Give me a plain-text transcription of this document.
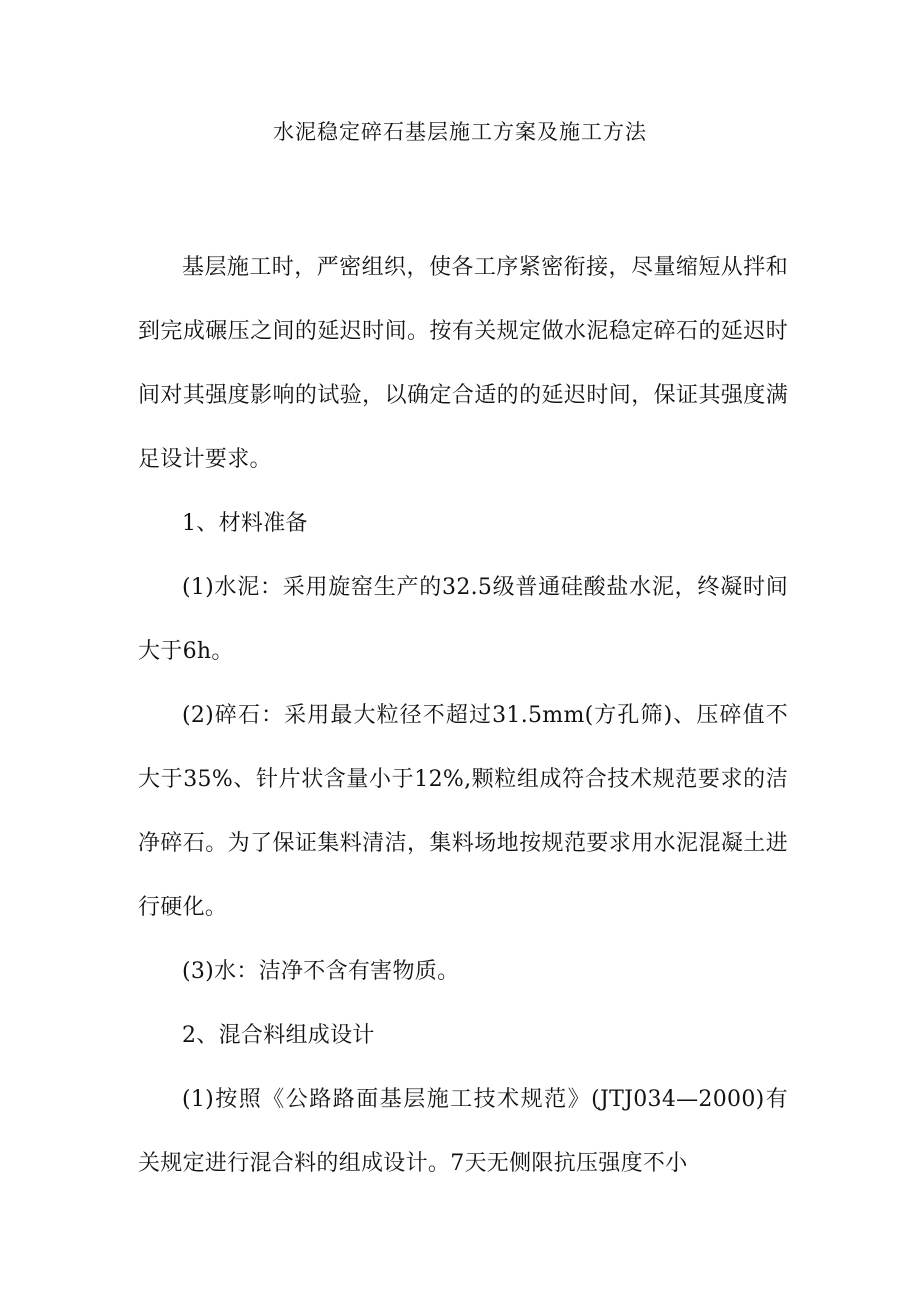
水泥稳定碎石基层施工方案及施工方法

基层施工时，严密组织，使各工序紧密衔接，尽量缩短从拌和到完成碾压之间的延迟时间。按有关规定做水泥稳定碎石的延迟时间对其强度影响的试验，以确定合适的的延迟时间，保证其强度满足设计要求。

1、材料准备

(1)水泥：采用旋窑生产的32.5级普通硅酸盐水泥，终凝时间大于6h。

(2)碎石：采用最大粒径不超过31.5mm(方孔筛)、压碎值不大于35%、针片状含量小于12%,颗粒组成符合技术规范要求的洁净碎石。为了保证集料清洁，集料场地按规范要求用水泥混凝土进行硬化。

(3)水：洁净不含有害物质。

2、混合料组成设计

(1)按照《公路路面基层施工技术规范》(JTJ034—2000)有关规定进行混合料的组成设计。7天无侧限抗压强度不小
